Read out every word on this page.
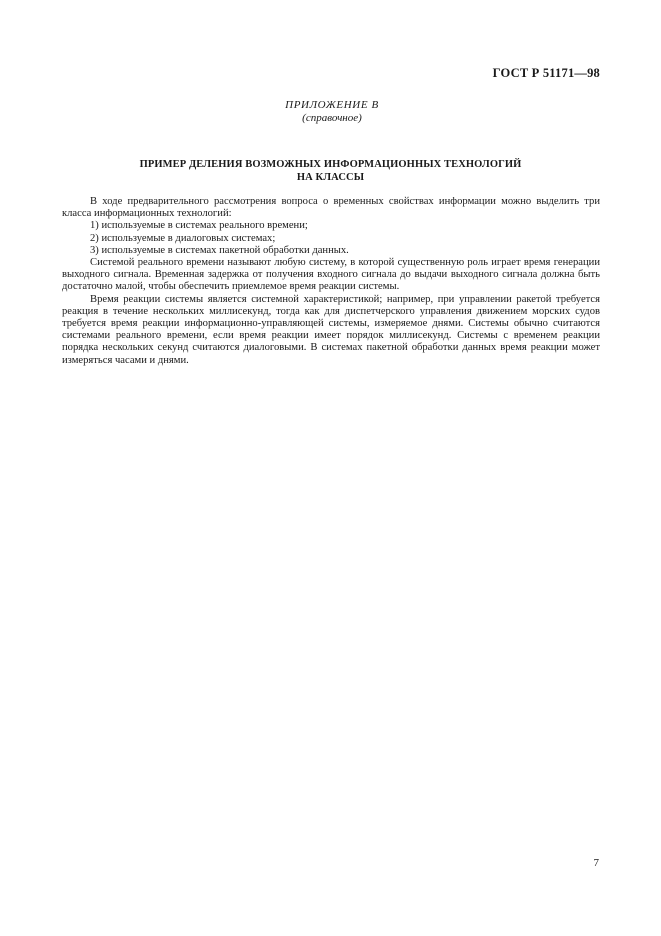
ГОСТ Р 51171—98
ПРИЛОЖЕНИЕ В
(справочное)
ПРИМЕР ДЕЛЕНИЯ ВОЗМОЖНЫХ ИНФОРМАЦИОННЫХ ТЕХНОЛОГИЙ
НА КЛАССЫ

В ходе предварительного рассмотрения вопроса о временных свойствах информации можно выделить три класса информационных технологий:

1) используемые в системах реального времени;

2) используемые в диалоговых системах;

3) используемые в системах пакетной обработки данных.

Системой реального времени называют любую систему, в которой существенную роль играет время генерации выходного сигнала. Временная задержка от получения входного сигнала до выдачи выходного сигнала должна быть достаточно малой, чтобы обеспечить приемлемое время реакции системы.

Время реакции системы является системной характеристикой; например, при управлении ракетой требуется реакция в течение нескольких миллисекунд, тогда как для диспетчерского управления движением морских судов требуется время реакции информационно-управляющей системы, измеряемое днями. Системы обычно считаются системами реального времени, если время реакции имеет порядок миллисекунд. Системы с временем реакции порядка нескольких секунд считаются диалоговыми. В системах пакетной обработки данных время реакции может измеряться часами и днями.

7
